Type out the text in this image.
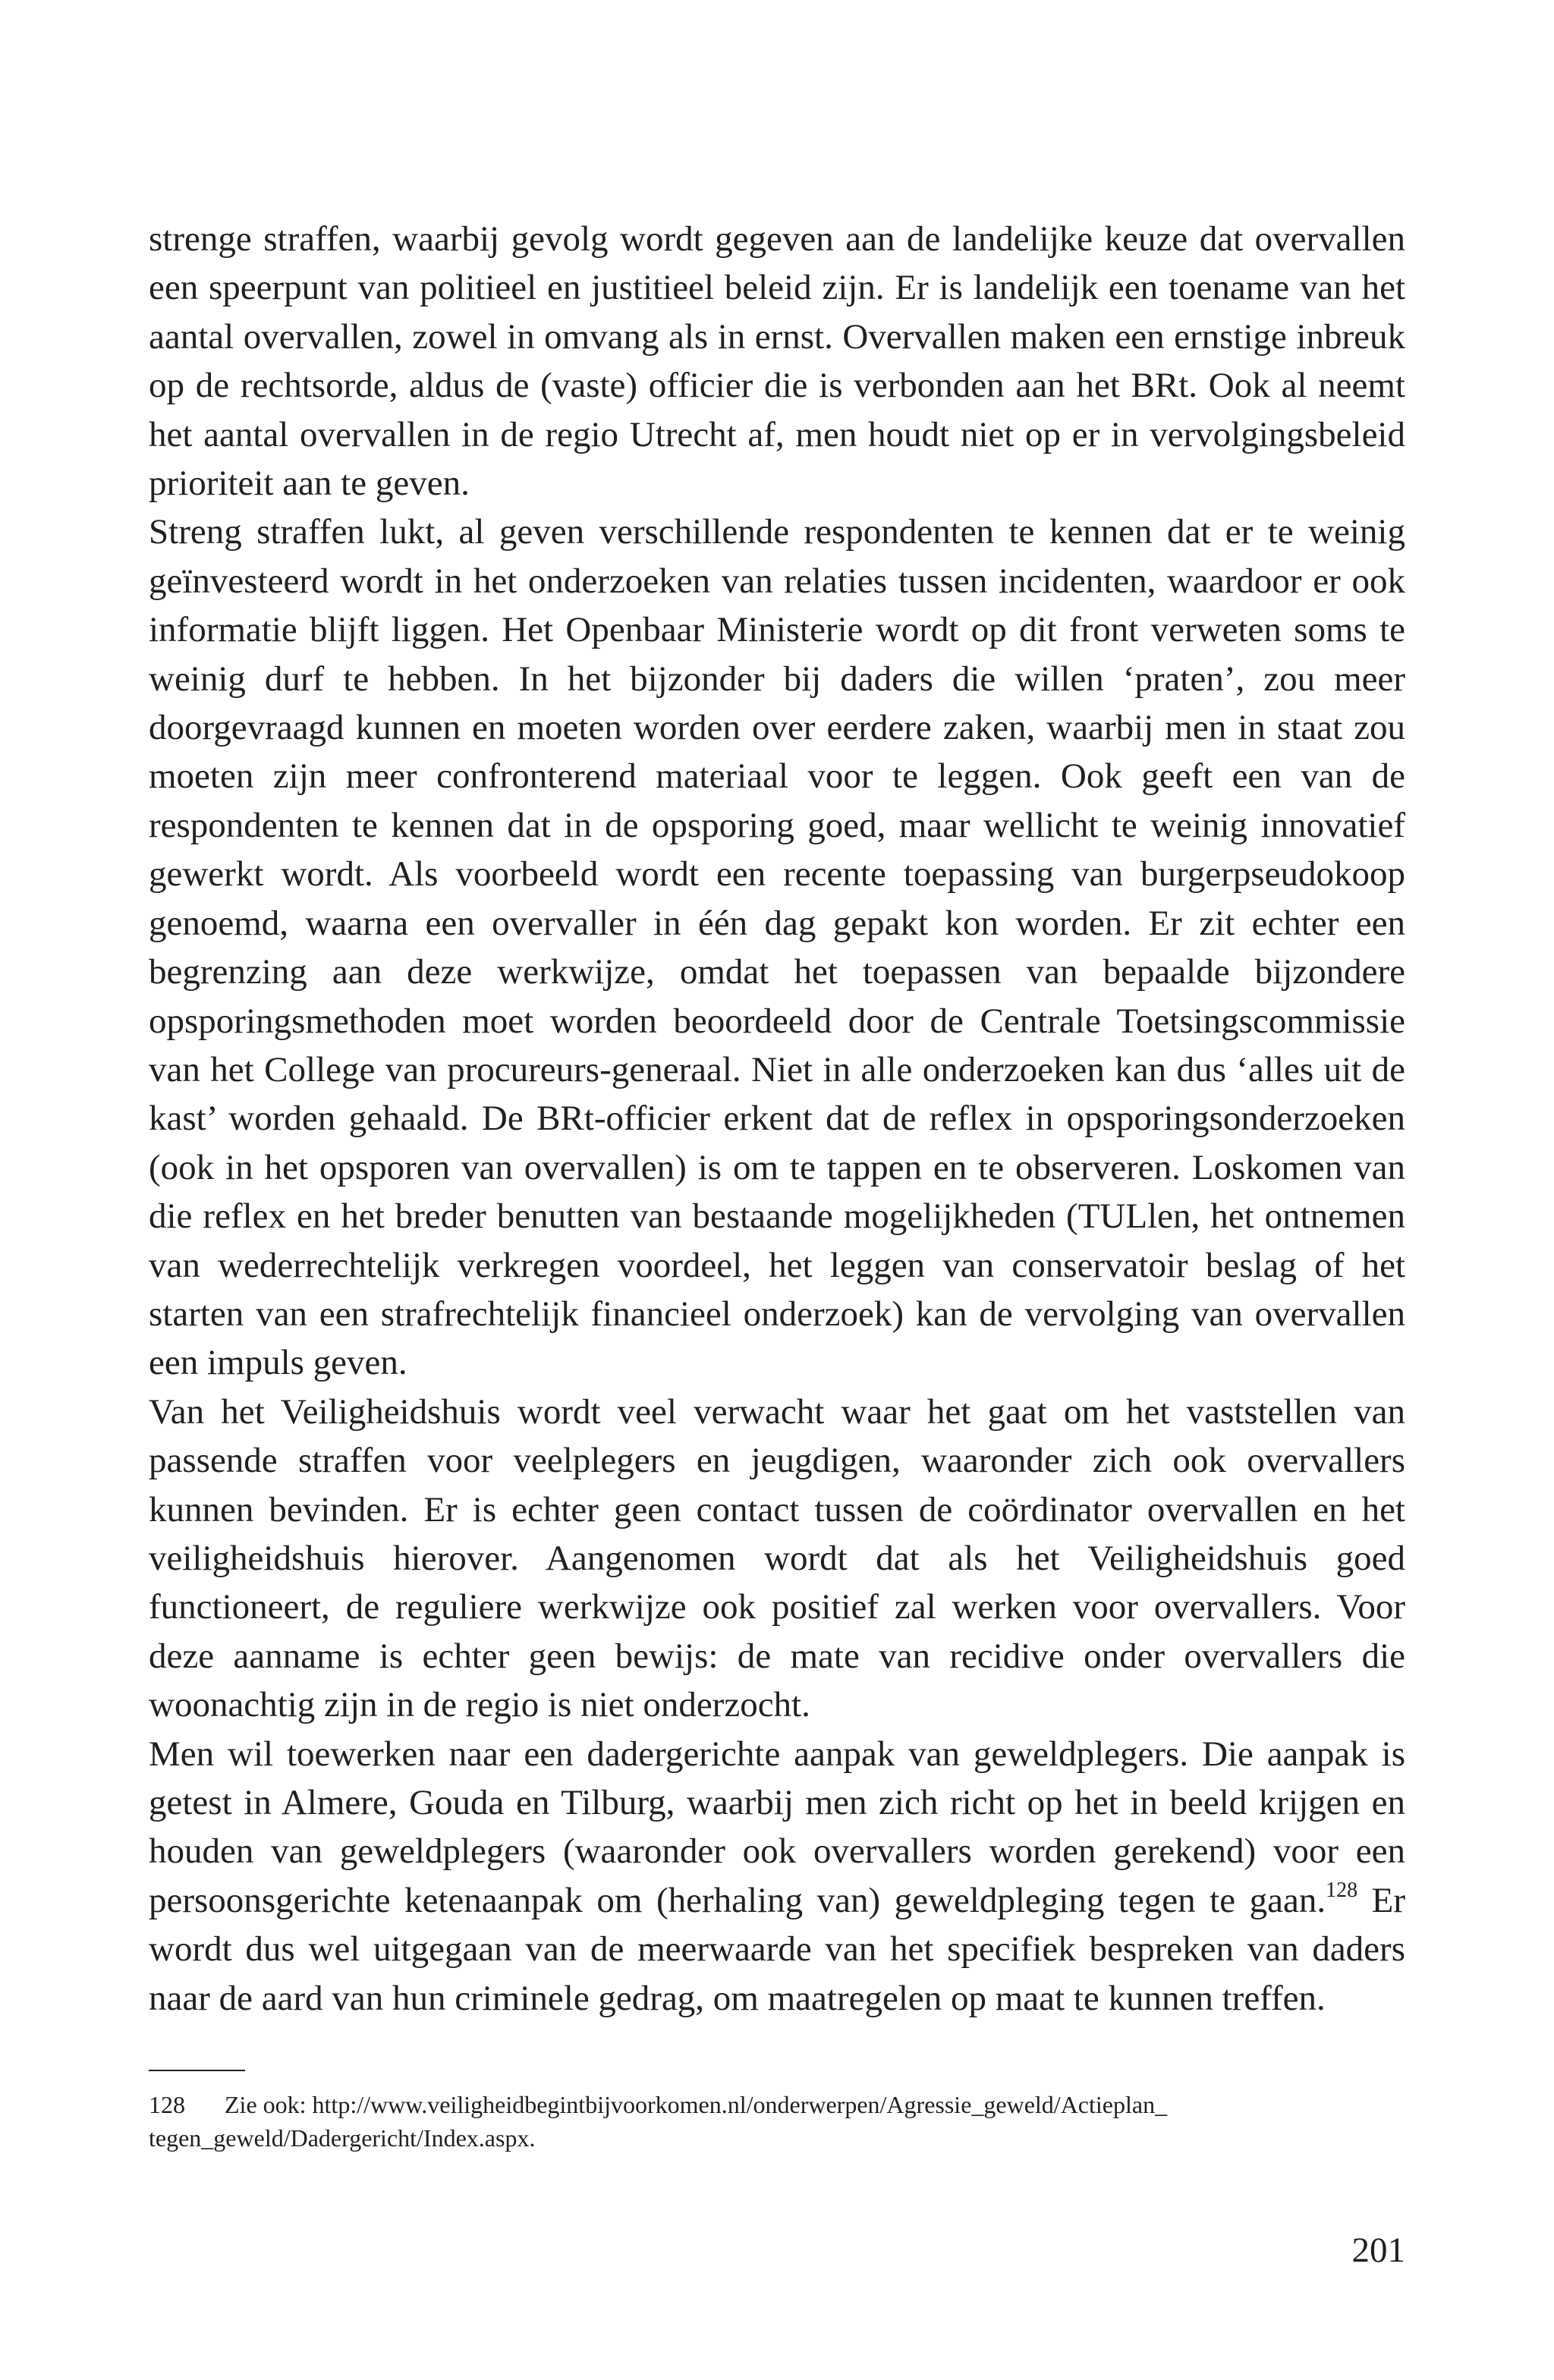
strenge straffen, waarbij gevolg wordt gegeven aan de landelijke keuze dat overvallen een speerpunt van politieel en justitieel beleid zijn. Er is landelijk een toename van het aantal overvallen, zowel in omvang als in ernst. Overvallen maken een ernstige inbreuk op de rechtsorde, aldus de (vaste) officier die is verbonden aan het BRt. Ook al neemt het aantal overvallen in de regio Utrecht af, men houdt niet op er in vervolgingsbeleid prioriteit aan te geven.

Streng straffen lukt, al geven verschillende respondenten te kennen dat er te weinig geïnvesteerd wordt in het onderzoeken van relaties tussen incidenten, waardoor er ook informatie blijft liggen. Het Openbaar Ministerie wordt op dit front verweten soms te weinig durf te hebben. In het bijzonder bij daders die willen ‘praten’, zou meer doorgevraagd kunnen en moeten worden over eerdere zaken, waarbij men in staat zou moeten zijn meer confronterend materiaal voor te leggen. Ook geeft een van de respondenten te kennen dat in de opsporing goed, maar wellicht te weinig innovatief gewerkt wordt. Als voorbeeld wordt een recente toepassing van burgerpseudokoop genoemd, waarna een overvaller in één dag gepakt kon worden. Er zit echter een begrenzing aan deze werkwijze, omdat het toepassen van bepaalde bijzondere opsporingsmethoden moet worden beoordeeld door de Centrale Toetsingscommissie van het College van procureurs-generaal. Niet in alle onderzoeken kan dus ‘alles uit de kast’ worden gehaald. De BRt-officier erkent dat de reflex in opsporingsonderzoeken (ook in het opsporen van overvallen) is om te tappen en te observeren. Loskomen van die reflex en het breder benutten van bestaande mogelijkheden (TULlen, het ontnemen van wederrechtelijk verkregen voordeel, het leggen van conservatoir beslag of het starten van een strafrechtelijk financieel onderzoek) kan de vervolging van overvallen een impuls geven.

Van het Veiligheidshuis wordt veel verwacht waar het gaat om het vaststellen van passende straffen voor veelplegers en jeugdigen, waaronder zich ook overvallers kunnen bevinden. Er is echter geen contact tussen de coördinator overvallen en het veiligheidshuis hierover. Aangenomen wordt dat als het Veiligheidshuis goed functioneert, de reguliere werkwijze ook positief zal werken voor overvallers. Voor deze aanname is echter geen bewijs: de mate van recidive onder overvallers die woonachtig zijn in de regio is niet onderzocht.

Men wil toewerken naar een dadergerichte aanpak van geweldplegers. Die aanpak is getest in Almere, Gouda en Tilburg, waarbij men zich richt op het in beeld krijgen en houden van geweldplegers (waaronder ook overvallers worden gerekend) voor een persoonsgerichte ketenaanpak om (herhaling van) geweldpleging tegen te gaan.$^{128}$ Er wordt dus wel uitgegaan van de meerwaarde van het specifiek bespreken van daders naar de aard van hun criminele gedrag, om maatregelen op maat te kunnen treffen.

128 Zie ook: http://www.veiligheidbegintbijvoorkomen.nl/onderwerpen/Agressie_geweld/Actieplan_ tegen_geweld/Dadergericht/Index.aspx.

201
